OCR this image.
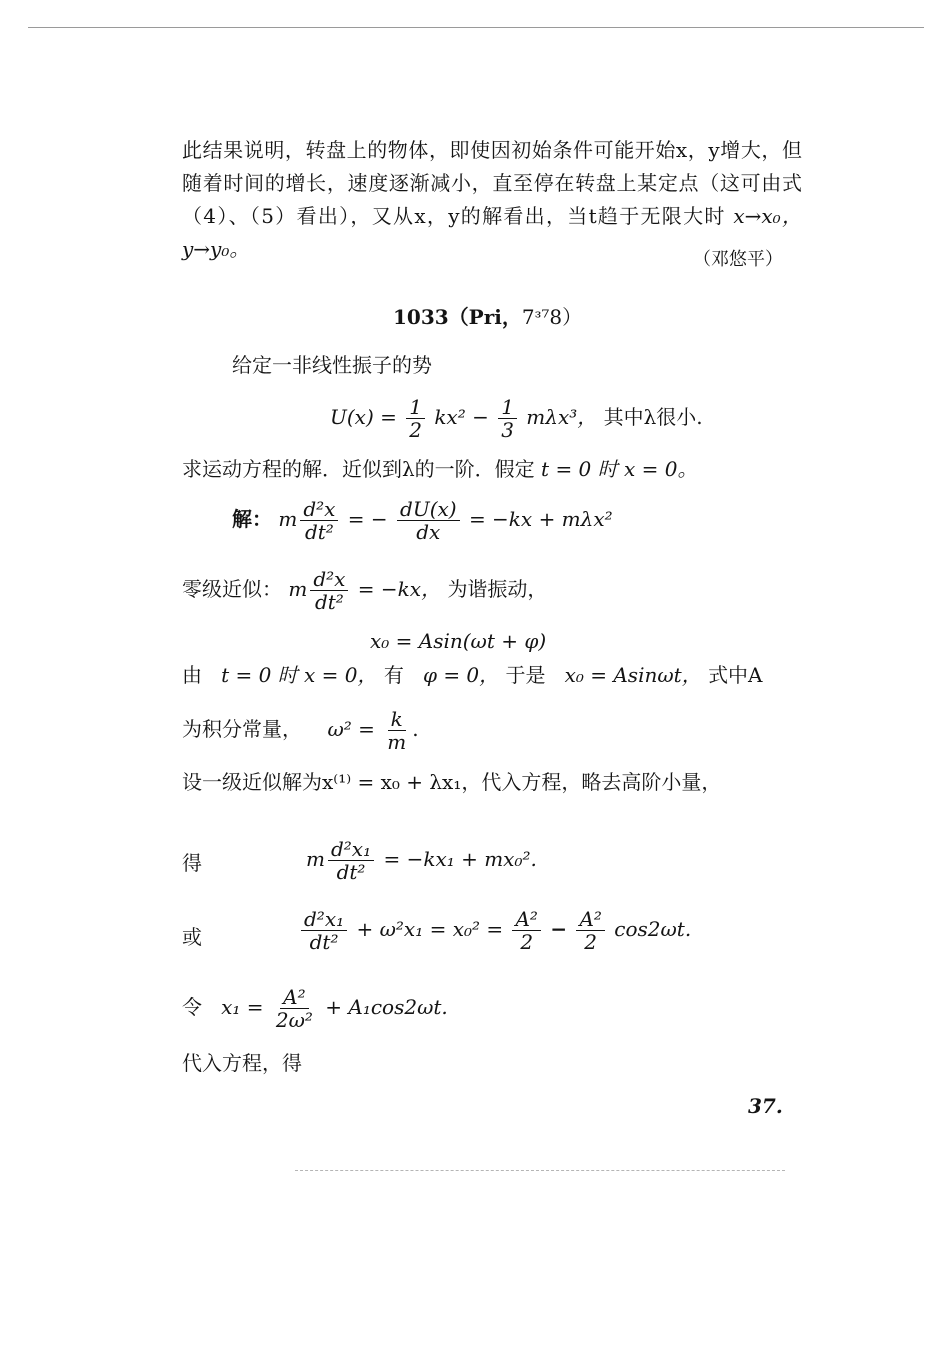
此结果说明，转盘上的物体，即使因初始条件可能开始x，y增大，但随着时间的增长，速度逐渐减小，直至停在转盘上某定点（这可由式（4）、（5）看出），又从x，y的解看出，当t趋于无限大时 x→x₀， y→y₀。	（邓悠平）
1033（Pri，7ᶟ⁷8）
给定一非线性振子的势
$U(x) = \frac{1}{2} kx^2 - \frac{1}{3} m\lambda x^3$， 其中λ很小.
求运动方程的解．近似到λ的一阶．假定 t = 0 时 x = 0。
解： m $\frac{\text{d²x}}{\text{dt²}}$ = − $\frac{dU(x)}{dx} = -kx + m\lambda x^2$
零级近似： m $\frac{\text{d²x}}{\text{dt²}} = -kx$， 为谐振动，
x₀ = Asin(ωt + φ)
由 t = 0 时 x = 0， 有 φ = 0， 于是 x₀ = Asinωt， 式中A
为积分常量， $\omega^2 = \frac{k}{m}$ .
设一级近似解为x⁽¹⁾ = x₀ + λx₁，代入方程，略去高阶小量，
得	m $\frac{\text{d²x₁}}{\text{dt²}} = -kx_1 + mx_0^2$.
或	$\frac{\text{d²x₁}}{\text{dt²}} + \omega^2x_1 = x_0^2 = \frac{\text{A²}}{2} - \frac{\text{A²}}{2} \cos 2\omega t$.
令 $x_1 = \frac{\text{A²}}{\text{2ω²}} + A_1\cos 2\omega t$.
代入方程，得
37.
